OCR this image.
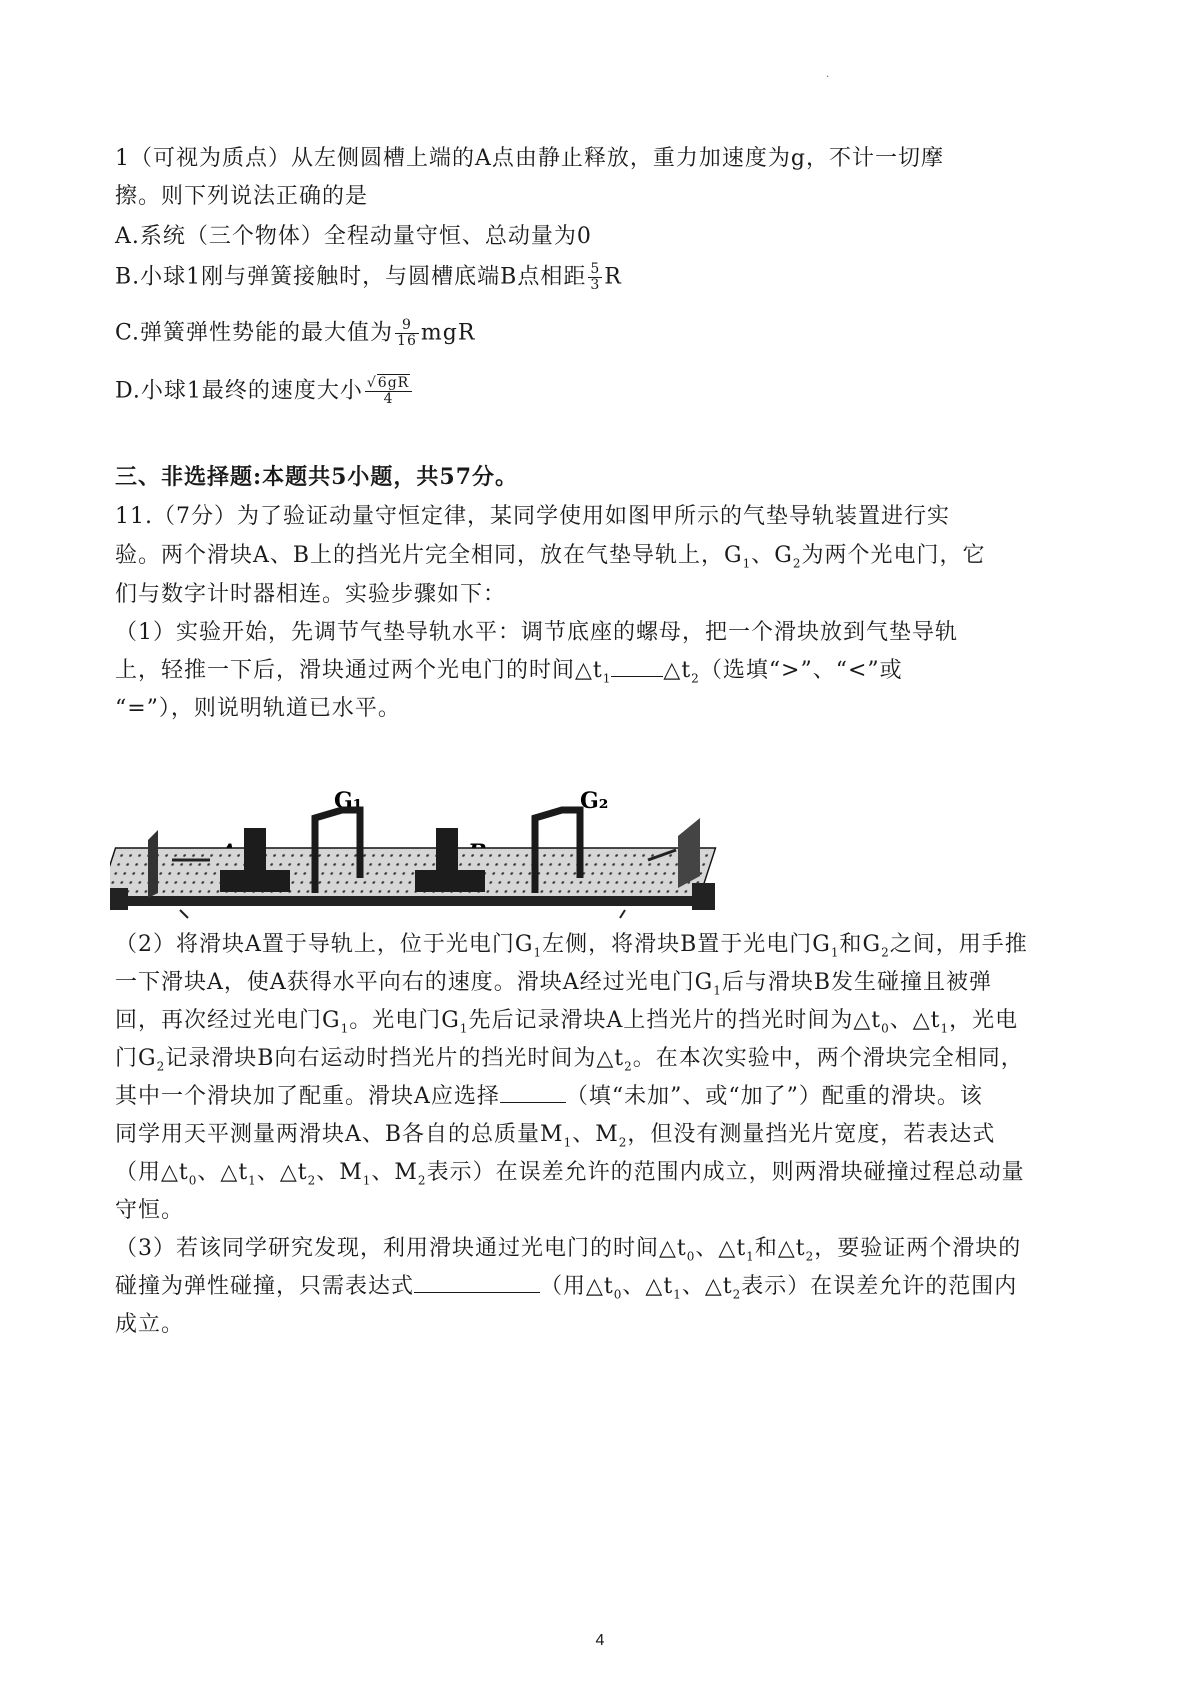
·
1（可视为质点）从左侧圆槽上端的A点由静止释放，重力加速度为g，不计一切摩
擦。则下列说法正确的是
A.系统（三个物体）全程动量守恒、总动量为0
B.小球1刚与弹簧接触时，与圆槽底端B点相距 $\frac{5}{3}$ R
C.弹簧弹性势能的最大值为 $\frac{9}{16}$ mgR
D.小球1最终的速度大小 $\frac{√6gR}{4}$
三、非选择题:本题共5小题，共57分。
11.（7分）为了验证动量守恒定律，某同学使用如图甲所示的气垫导轨装置进行实
验。两个滑块A、B上的挡光片完全相同，放在气垫导轨上，$G_1$、$G_2$为两个光电门，它
们与数字计时器相连。实验步骤如下：
（1）实验开始，先调节气垫导轨水平：调节底座的螺母，把一个滑块放到气垫导轨
上，轻推一下后，滑块通过两个光电门的时间$\triangle t_1$ $\triangle t_2$（选填“>”、“<”或
“=”），则说明轨道已水平。
G₁	G₂
（2）将滑块A置于导轨上，位于光电门$G_1$左侧，将滑块B置于光电门$G_1$和$G_2$之间，用手推
一下滑块A，使A获得水平向右的速度。滑块A经过光电门$G_1$后与滑块B发生碰撞且被弹
回，再次经过光电门$G_1$。光电门$G_1$先后记录滑块A上挡光片的挡光时间为$\triangle t_0$、$\triangle t_1$，光电
门$G_2$记录滑块B向右运动时挡光片的挡光时间为$\triangle t_2$。在本次实验中，两个滑块完全相同，
其中一个滑块加了配重。滑块A应选择	（填“未加”、或“加了”）配重的滑块。该
同学用天平测量两滑块A、B各自的总质量$M_1$、$M_2$，但没有测量挡光片宽度，若表达式
（用$\triangle t_0$、$\triangle t_1$、$\triangle t_2$、$M_1$、$M_2$表示）在误差允许的范围内成立，则两滑块碰撞过程总动量
守恒。
（3）若该同学研究发现，利用滑块通过光电门的时间$\triangle t_0$、$\triangle t_1$和$\triangle t_2$，要验证两个滑块的
碰撞为弹性碰撞，只需表达式	（用$\triangle t_0$、$\triangle t_1$、$\triangle t_2$表示）在误差允许的范围内
成立。
4
